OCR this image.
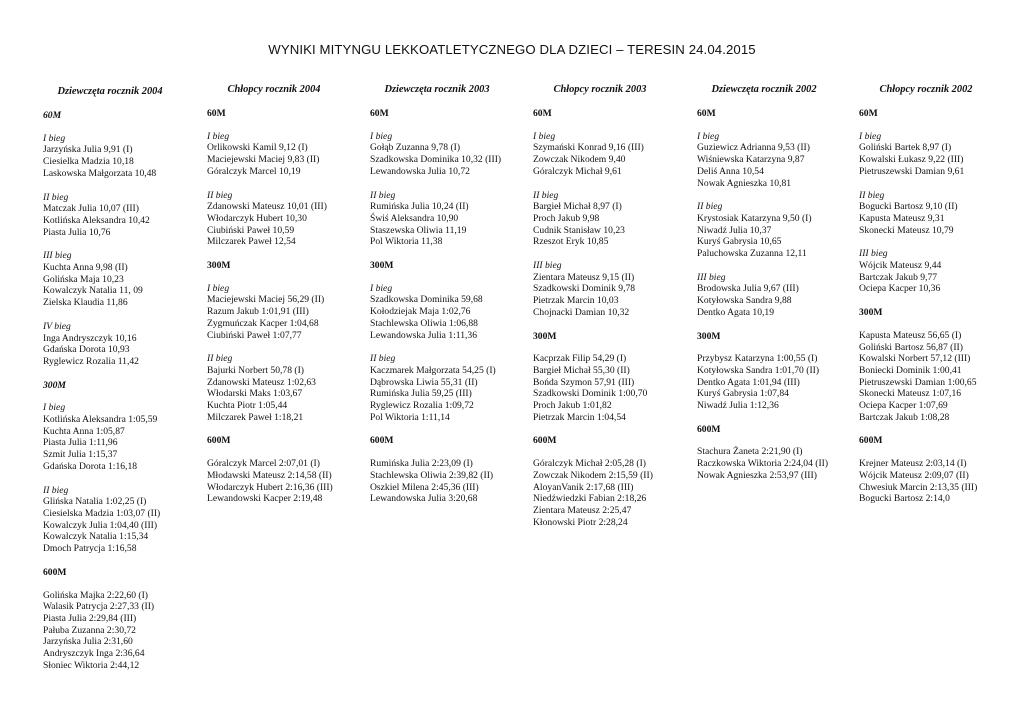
WYNIKI MITYNGU LEKKOATLETYCZNEGO DLA DZIECI – TERESIN 24.04.2015
Dziewczęta rocznik 2004
60M
I bieg
Jarzyńska Julia 9,91 (I)
Ciesielka Madzia 10,18
Laskowska Małgorzata 10,48
II bieg
Matczak Julia 10,07 (III)
Kotlińska Aleksandra 10,42
Piasta Julia 10,76
III bieg
Kuchta Anna 9,98 (II)
Golińska Maja 10,23
Kowalczyk Natalia 11, 09
Zielska Klaudia 11,86
IV bieg
Inga Andryszczyk 10,16
Gdańska Dorota 10,93
Ryglewicz Rozalia 11,42
300M
I bieg
Kotlińska Aleksandra 1:05,59
Kuchta Anna 1:05,87
Piasta Julia 1:11,96
Szmit Julia 1:15,37
Gdańska Dorota 1:16,18
II bieg
Glińska Natalia 1:02,25 (I)
Ciesielska Madzia 1:03,07 (II)
Kowalczyk Julia 1:04,40 (III)
Kowalczyk Natalia 1:15,34
Dmoch Patrycja 1:16,58
600M
Golińska Majka 2:22,60 (I)
Walasik Patrycja 2:27,33 (II)
Piasta Julia 2:29,84 (III)
Pałuba Zuzanna 2:30,72
Jarzyńska Julia 2:31,60
Andryszczyk Inga 2:36,64
Słoniec Wiktoria 2:44,12
Chłopcy rocznik 2004
60M
I bieg
Orlikowski Kamil 9,12 (I)
Maciejewski Maciej 9,83 (II)
Góralczyk Marcel 10,19
II bieg
Zdanowski Mateusz 10,01 (III)
Włodarczyk Hubert 10,30
Ciubiński Paweł 10,59
Milczarek Paweł 12,54
300M
I bieg
Maciejewski Maciej 56,29 (II)
Razum Jakub 1:01,91 (III)
Zygmuńczak Kacper 1:04,68
Ciubiński Paweł 1:07,77
II bieg
Bajurki Norbert 50,78 (I)
Zdanowski Mateusz 1:02,63
Włodarski Maks 1:03,67
Kuchta Piotr 1:05,44
Milczarek Paweł 1:18,21
600M
Góralczyk Marcel 2:07,01 (I)
Młodawski Mateusz 2:14,58 (II)
Włodarczyk Hubert 2:16,36 (III)
Lewandowski Kacper 2:19,48
Dziewczęta rocznik 2003
60M
I bieg
Gołąb Zuzanna 9,78 (I)
Szadkowska Dominika 10,32 (III)
Lewandowska Julia 10,72
II bieg
Rumińska Julia 10,24 (II)
Świś Aleksandra 10,90
Staszewska Oliwia 11,19
Pol Wiktoria 11,38
300M
I bieg
Szadkowska Dominika 59,68
Kołodziejak Maja 1:02,76
Stachlewska Oliwia 1:06,88
Lewandowska Julia 1:11,36
II bieg
Kaczmarek Małgorzata 54,25 (I)
Dąbrowska Liwia 55,31 (II)
Rumińska Julia 59,25 (III)
Ryglewicz Rozalia 1:09,72
Pol Wiktoria 1:11,14
600M
Rumińska Julia 2:23,09 (I)
Stachlewska Oliwia 2:39,82 (II)
Oszkiel Milena 2:45,36 (III)
Lewandowska Julia 3:20,68
Chłopcy rocznik 2003
60M
I bieg
Szymański Konrad 9,16 (III)
Zowczak Nikodem 9,40
Góralczyk Michał 9,61
II bieg
Bargieł Michał 8,97 (I)
Proch Jakub 9,98
Cudnik Stanisław 10,23
Rzeszot Eryk 10,85
III bieg
Zientara Mateusz 9,15 (II)
Szadkowski Dominik 9,78
Pietrzak Marcin 10,03
Chojnacki Damian 10,32
300M
Kacprzak Filip 54,29 (I)
Bargieł Michał 55,30 (II)
Bońda Szymon 57,91 (III)
Szadkowski Dominik 1:00,70
Proch Jakub 1:01,82
Pietrzak Marcin 1:04,54
600M
Góralczyk Michał 2:05,28 (I)
Zowczak Nikodem 2:15,59 (II)
AloyanVanik 2:17,68 (III)
Niedźwiedzki Fabian 2:18,26
Zientara Mateusz 2:25,47
Kłonowski Piotr 2:28,24
Dziewczęta rocznik 2002
60M
I bieg
Guziewicz Adrianna 9,53 (II)
Wiśniewska Katarzyna 9,87
Deliś Anna 10,54
Nowak Agnieszka 10,81
II bieg
Krystosiak Katarzyna 9,50 (I)
Niwadź Julia 10,37
Kuryś Gabrysia 10,65
Paluchowska Zuzanna 12,11
III bieg
Brodowska Julia 9,67 (III)
Kotyłowska Sandra 9,88
Dentko Agata 10,19
300M
Przybysz Katarzyna 1:00,55 (I)
Kotyłowska Sandra 1:01,70 (II)
Dentko Agata 1:01,94 (III)
Kuryś Gabrysia 1:07,84
Niwadź Julia 1:12,36
600M
Stachura Żaneta 2:21,90 (I)
Raczkowska Wiktoria 2:24,04 (II)
Nowak Agnieszka 2:53,97 (III)
Chłopcy rocznik 2002
60M
I bieg
Goliński Bartek 8,97 (I)
Kowalski Łukasz 9,22 (III)
Pietruszewski Damian 9,61
II bieg
Bogucki Bartosz 9,10 (II)
Kapusta Mateusz 9,31
Skonecki Mateusz 10,79
III bieg
Wójcik Mateusz 9,44
Bartczak Jakub 9,77
Ociepa Kacper 10,36
300M
Kapusta Mateusz 56,65 (I)
Goliński Bartosz 56,87 (II)
Kowalski Norbert 57,12 (III)
Boniecki Dominik 1:00,41
Pietruszewski Damian 1:00,65
Skonecki Mateusz 1:07,16
Ociepa Kacper 1:07,69
Bartczak Jakub 1:08,28
600M
Krejner Mateusz 2:03,14 (I)
Wójcik Mateusz 2:09,07 (II)
Chwesiuk Marcin 2:13,35 (III)
Bogucki Bartosz 2:14,0
